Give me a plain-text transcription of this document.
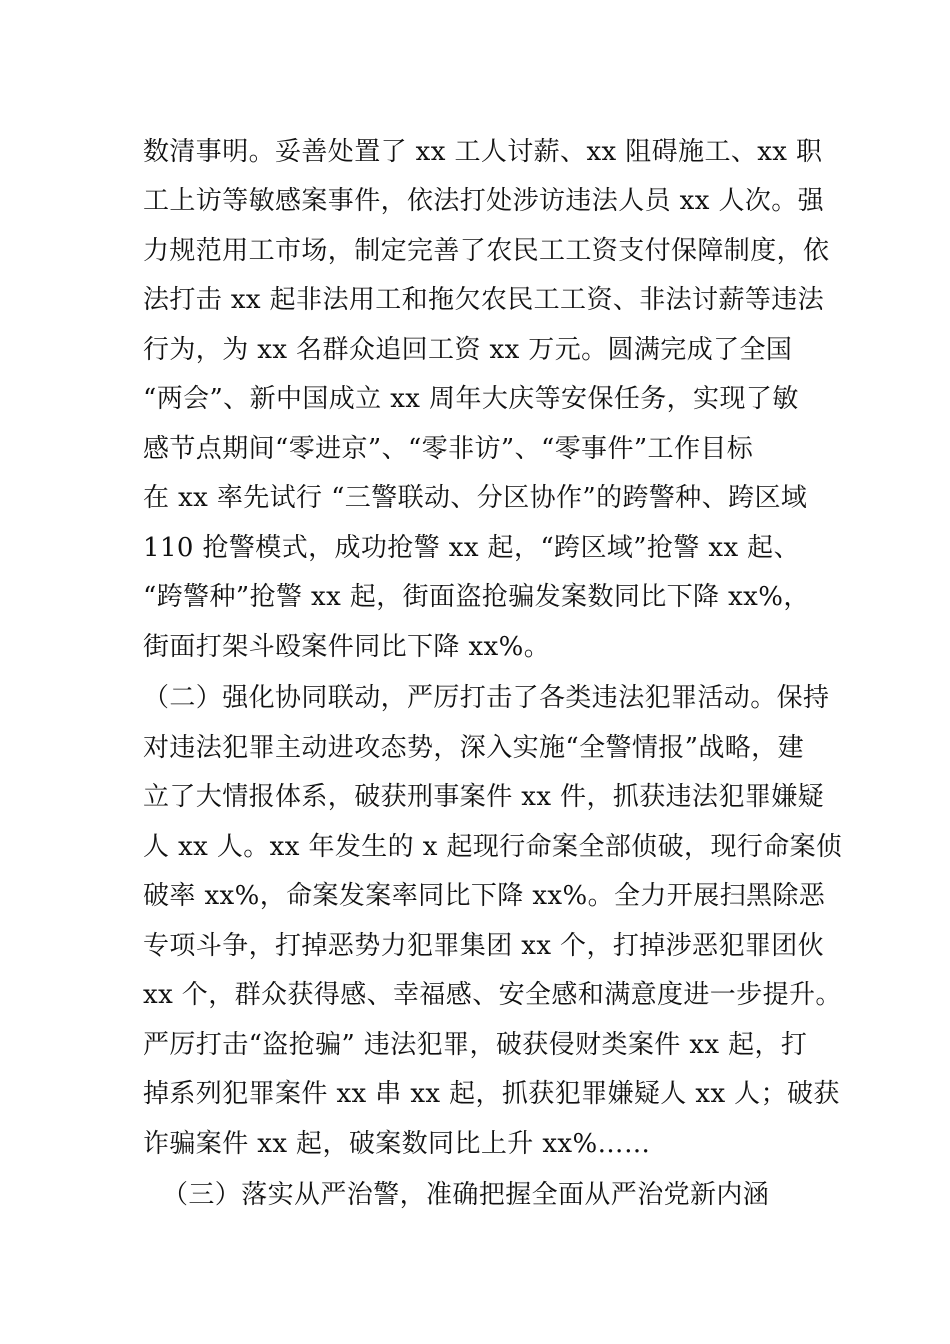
数清事明。妥善处置了 xx 工人讨薪、xx 阻碍施工、xx 职
工上访等敏感案事件，依法打处涉访违法人员 xx 人次。强
力规范用工市场，制定完善了农民工工资支付保障制度，依
法打击 xx 起非法用工和拖欠农民工工资、非法讨薪等违法
行为，为 xx 名群众追回工资 xx 万元。圆满完成了全国
“两会”、新中国成立 xx 周年大庆等安保任务，实现了敏
感节点期间“零进京”、“零非访”、“零事件”工作目标
在 xx 率先试行 “三警联动、分区协作”的跨警种、跨区域
110 抢警模式，成功抢警 xx 起，“跨区域”抢警 xx 起、
“跨警种”抢警 xx 起，街面盗抢骗发案数同比下降 xx%，
街面打架斗殴案件同比下降 xx%。
（二）强化协同联动，严厉打击了各类违法犯罪活动。保持
对违法犯罪主动进攻态势，深入实施“全警情报”战略，建
立了大情报体系，破获刑事案件 xx 件，抓获违法犯罪嫌疑
人 xx 人。xx 年发生的 x 起现行命案全部侦破，现行命案侦
破率 xx%，命案发案率同比下降 xx%。全力开展扫黑除恶
专项斗争，打掉恶势力犯罪集团 xx 个，打掉涉恶犯罪团伙
xx 个，群众获得感、幸福感、安全感和满意度进一步提升。
严厉打击“盗抢骗” 违法犯罪，破获侵财类案件 xx 起，打
掉系列犯罪案件 xx 串 xx 起，抓获犯罪嫌疑人 xx 人；破获
诈骗案件 xx 起，破案数同比上升 xx%……
（三）落实从严治警，准确把握全面从严治党新内涵
